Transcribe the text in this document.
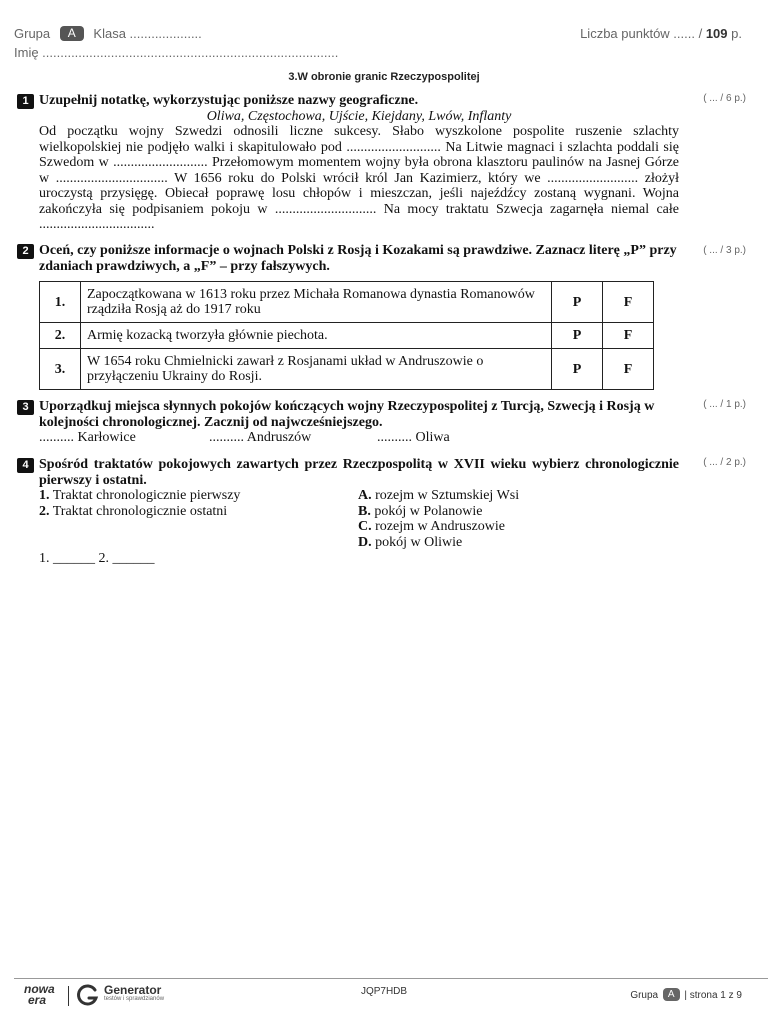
Grupa A Klasa ....................	Liczba punktów ...... / 109 p.
Imię ..................................................................................
3.W obronie granic Rzeczypospolitej
1 Uzupełnij notatkę, wykorzystując poniższe nazwy geograficzne.
Oliwa, Częstochowa, Ujście, Kiejdany, Lwów, Inflanty
Od początku wojny Szwedzi odnosili liczne sukcesy. Słabo wyszkolone pospolite ruszenie szlachty wielkopolskiej nie podjęło walki i skapitulowało pod ........................... Na Litwie magnaci i szlachta poddali się Szwedom w ........................... Przełomowym momentem wojny była obrona klasztoru paulinów na Jasnej Górze w ................................ W 1656 roku do Polski wrócił król Jan Kazimierz, który we .......................... złożył uroczystą przysięgę. Obiecał poprawę losu chłopów i mieszczan, jeśli najeźdźcy zostaną wygnani. Wojna zakończyła się podpisaniem pokoju w ............................. Na mocy traktatu Szwecja zagarnęła niemal całe .................................
( ... / 6 p.)
2 Oceń, czy poniższe informacje o wojnach Polski z Rosją i Kozakami są prawdziwe. Zaznacz literę „P” przy zdaniach prawdziwych, a „F” – przy fałszywych.
( ... / 3 p.)
1.	Zapoczątkowana w 1613 roku przez Michała Romanowa dynastia Romanowów rządziła Rosją aż do 1917 roku	P	F
2.	Armię kozacką tworzyła głównie piechota.	P	F
3.	W 1654 roku Chmielnicki zawarł z Rosjanami układ w Andruszowie o przyłączeniu Ukrainy do Rosji.	P	F
3 Uporządkuj miejsca słynnych pokojów kończących wojny Rzeczypospolitej z Turcją, Szwecją i Rosją w kolejności chronologicznej. Zacznij od najwcześniejszego.
.......... Karłowice	.......... Andruszów	.......... Oliwa
( ... / 1 p.)
4 Spośród traktatów pokojowych zawartych przez Rzeczpospolitą w XVII wieku wybierz chronologicznie pierwszy i ostatni.
( ... / 2 p.)
1. Traktat chronologicznie pierwszy
2. Traktat chronologicznie ostatni
A. rozejm w Sztumskiej Wsi
B. pokój w Polanowie
C. rozejm w Andruszowie
D. pokój w Oliwie
1. ______ 2. ______
nowa
era
Generator
testów i sprawdzianów
JQP7HDB	Grupa A | strona 1 z 9
